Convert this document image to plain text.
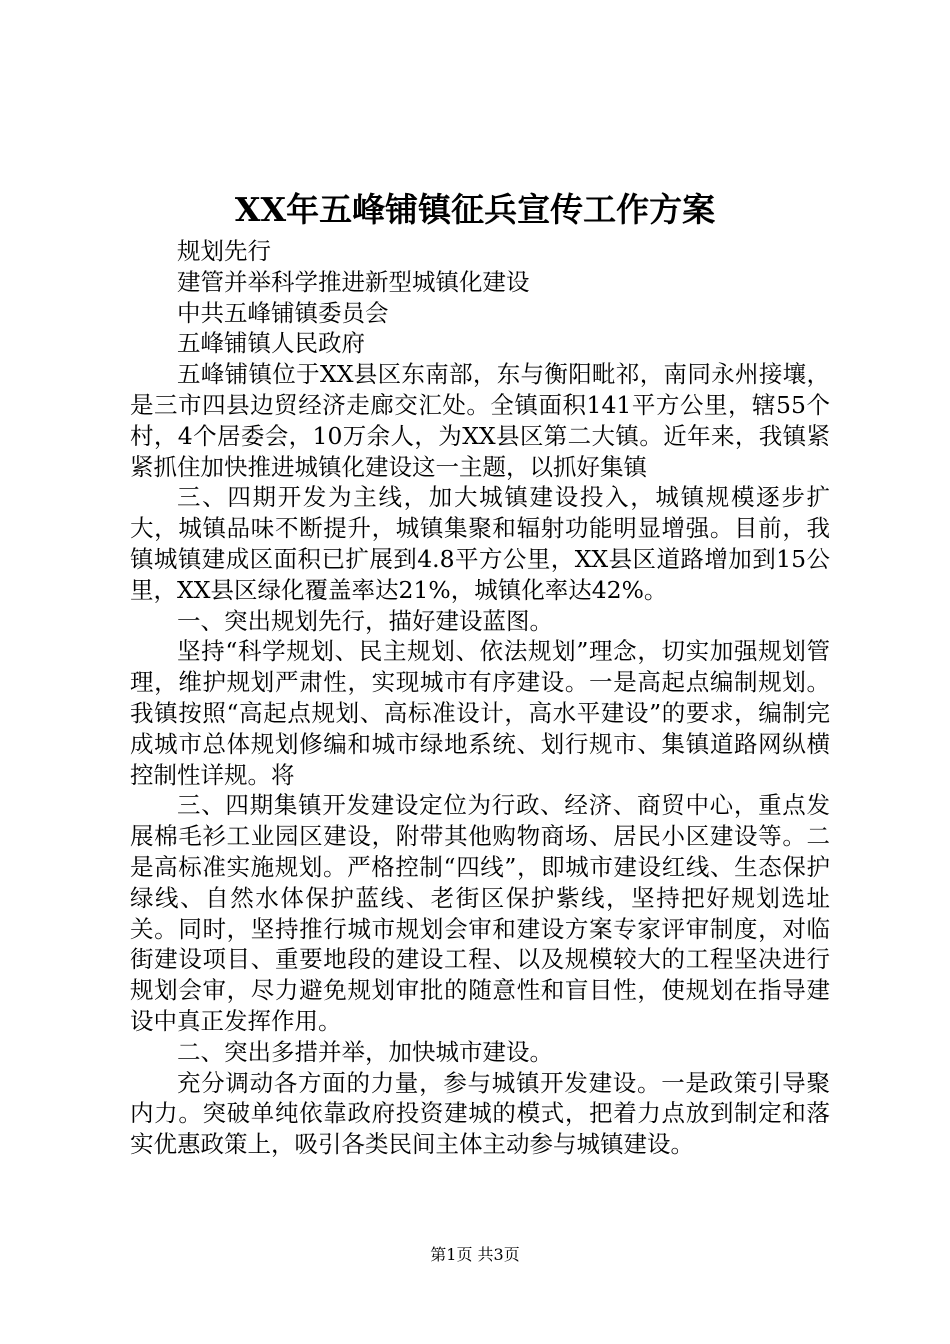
XX年五峰铺镇征兵宣传工作方案

规划先行

建管并举科学推进新型城镇化建设

中共五峰铺镇委员会

五峰铺镇人民政府

五峰铺镇位于XX县区东南部，东与衡阳毗祁，南同永州接壤，是三市四县边贸经济走廊交汇处。全镇面积141平方公里，辖55个村，4个居委会，10万余人，为XX县区第二大镇。近年来，我镇紧紧抓住加快推进城镇化建设这一主题，以抓好集镇

三、四期开发为主线，加大城镇建设投入，城镇规模逐步扩大，城镇品味不断提升，城镇集聚和辐射功能明显增强。目前，我镇城镇建成区面积已扩展到4.8平方公里，XX县区道路增加到15公里，XX县区绿化覆盖率达21%，城镇化率达42%。

一、突出规划先行，描好建设蓝图。

坚持“科学规划、民主规划、依法规划”理念，切实加强规划管理，维护规划严肃性，实现城市有序建设。一是高起点编制规划。我镇按照“高起点规划、高标准设计，高水平建设”的要求，编制完成城市总体规划修编和城市绿地系统、划行规市、集镇道路网纵横控制性详规。将

三、四期集镇开发建设定位为行政、经济、商贸中心，重点发展棉毛衫工业园区建设，附带其他购物商场、居民小区建设等。二是高标准实施规划。严格控制“四线”，即城市建设红线、生态保护绿线、自然水体保护蓝线、老街区保护紫线，坚持把好规划选址关。同时，坚持推行城市规划会审和建设方案专家评审制度，对临街建设项目、重要地段的建设工程、以及规模较大的工程坚决进行规划会审，尽力避免规划审批的随意性和盲目性，使规划在指导建设中真正发挥作用。

二、突出多措并举，加快城市建设。

充分调动各方面的力量，参与城镇开发建设。一是政策引导聚内力。突破单纯依靠政府投资建城的模式，把着力点放到制定和落实优惠政策上，吸引各类民间主体主动参与城镇建设。

第1页 共3页
